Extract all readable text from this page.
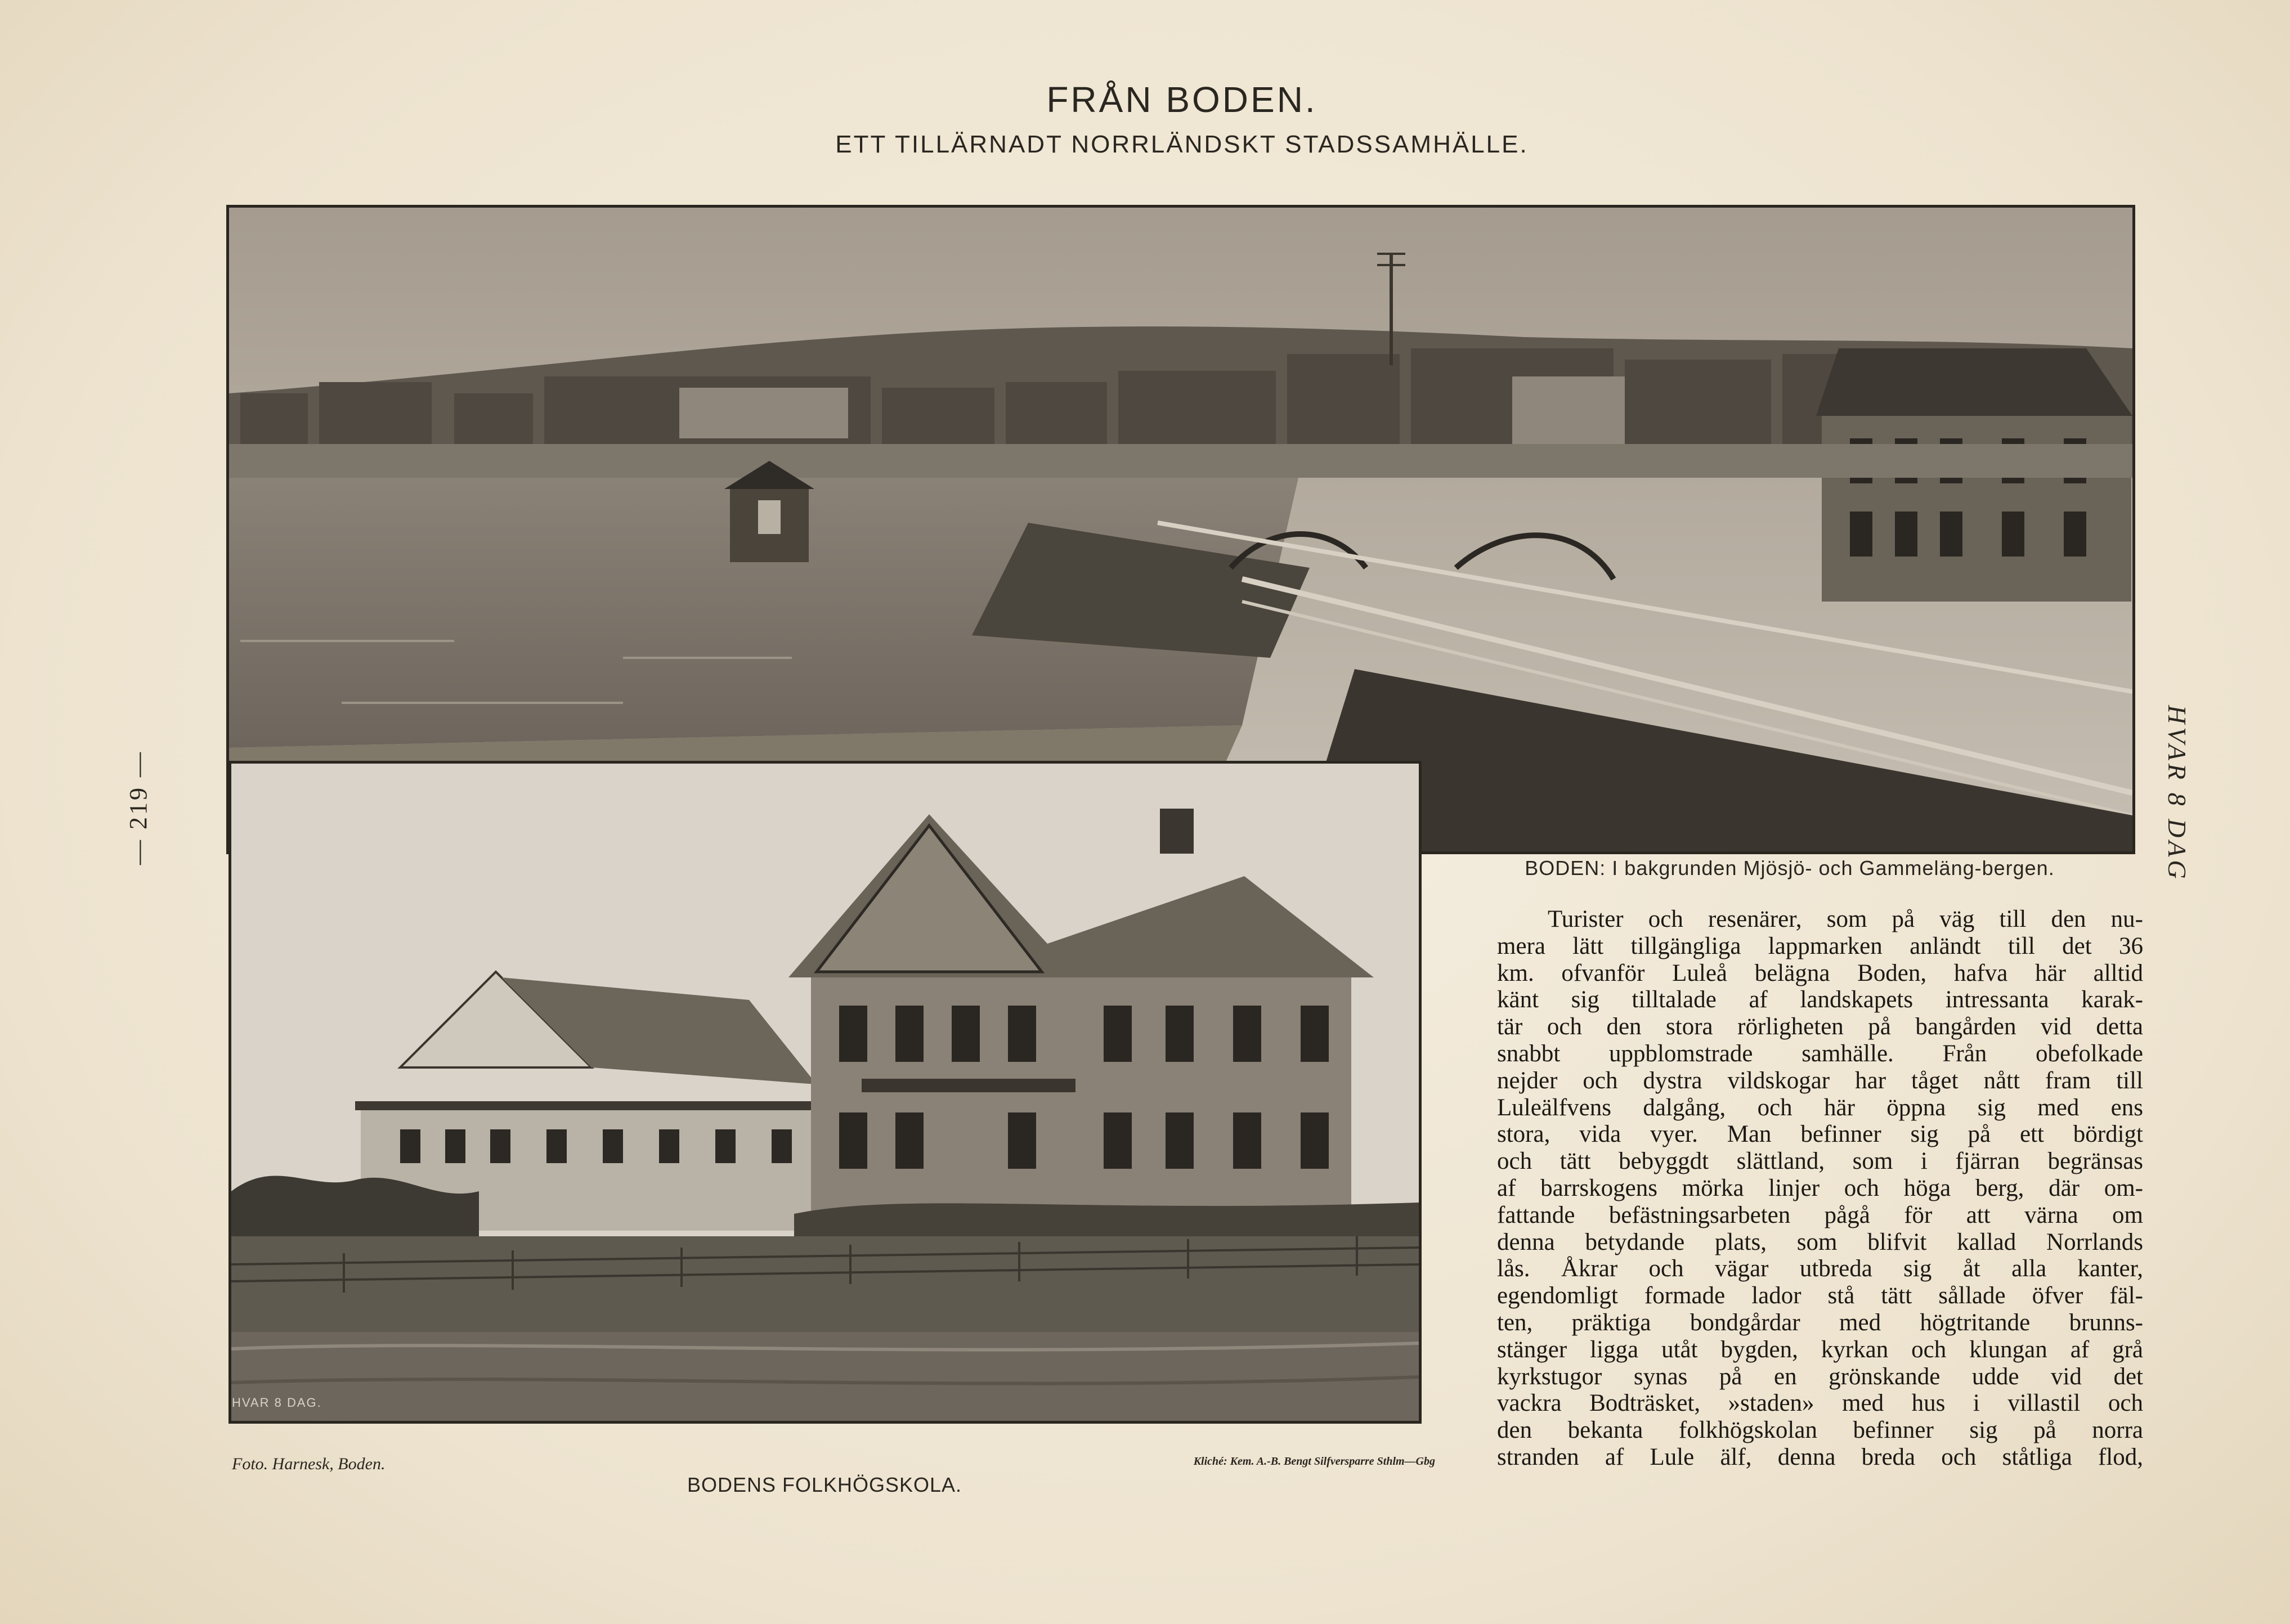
FRÅN BODEN.
ETT TILLÄRNADT NORRLÄNDSKT STADSSAMHÄLLE.
HVAR 8 DAG.
BODEN: I bakgrunden Mjösjö- och Gammeläng-bergen.
Foto. Harnesk, Boden.	Kliché: Kem. A.-B. Bengt Silfversparre Sthlm—Gbg
BODENS FOLKHÖGSKOLA.
Turister och resenärer, som på väg till den nu-
mera lätt tillgängliga lappmarken anländt till det 36
km. ofvanför Luleå belägna Boden, hafva här alltid
känt sig tilltalade af landskapets intressanta karak-
tär och den stora rörligheten på bangården vid detta
snabbt uppblomstrade samhälle. Från obefolkade
nejder och dystra vildskogar har tåget nått fram till
Luleälfvens dalgång, och här öppna sig med ens
stora, vida vyer. Man befinner sig på ett bördigt
och tätt bebyggdt slättland, som i fjärran begränsas
af barrskogens mörka linjer och höga berg, där om-
fattande befästningsarbeten pågå för att värna om
denna betydande plats, som blifvit kallad Norrlands
lås. Åkrar och vägar utbreda sig åt alla kanter,
egendomligt formade lador stå tätt sållade öfver fäl-
ten, präktiga bondgårdar med högtritande brunns-
stänger ligga utåt bygden, kyrkan och klungan af grå
kyrkstugor synas på en grönskande udde vid det
vackra Bodträsket, »staden» med hus i villastil och
den bekanta folkhögskolan befinner sig på norra
stranden af Lule älf, denna breda och ståtliga flod,
HVAR 8 DAG
— 219 —
